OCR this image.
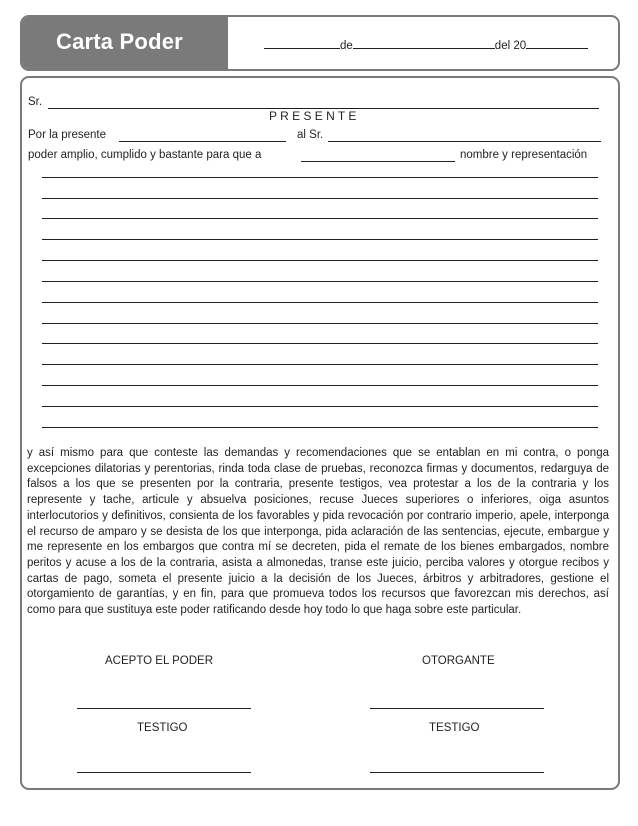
Carta Poder	de	del 20
Sr.
P R E S E N T E
Por la presente	al Sr.
poder amplio, cumplido y bastante para que a	nombre y representación
y así mismo para que conteste las demandas y recomendaciones que se entablan en mi contra, o ponga excepciones dilatorias y perentorias, rinda toda clase de pruebas, reconozca firmas y documentos, redarguya de falsos a los que se presenten por la contraria, presente testigos, vea protestar a los de la contraria y los represente y tache, articule y absuelva posiciones, recuse Jueces superiores o inferiores, oiga asuntos interlocutorios y definitivos, consienta de los favorables y pida revocación por contrario imperio, apele, interponga el recurso de amparo y se desista de los que interponga, pida aclaración de las sentencias, ejecute, embargue y me represente en los embargos que contra mí se decreten, pida el remate de los bienes embargados, nombre peritos y acuse a los de la contraria, asista a almonedas, transe este juicio, perciba valores y otorgue recibos y cartas de pago, someta el presente juicio a la decisión de los Jueces, árbitros y arbitradores, gestione el otorgamiento de garantías, y en fin, para que promueva todos los recursos que favorezcan mis derechos, así como para que sustituya este poder ratificando desde hoy todo lo que haga sobre este particular.
ACEPTO EL PODER	OTORGANTE
TESTIGO	TESTIGO
